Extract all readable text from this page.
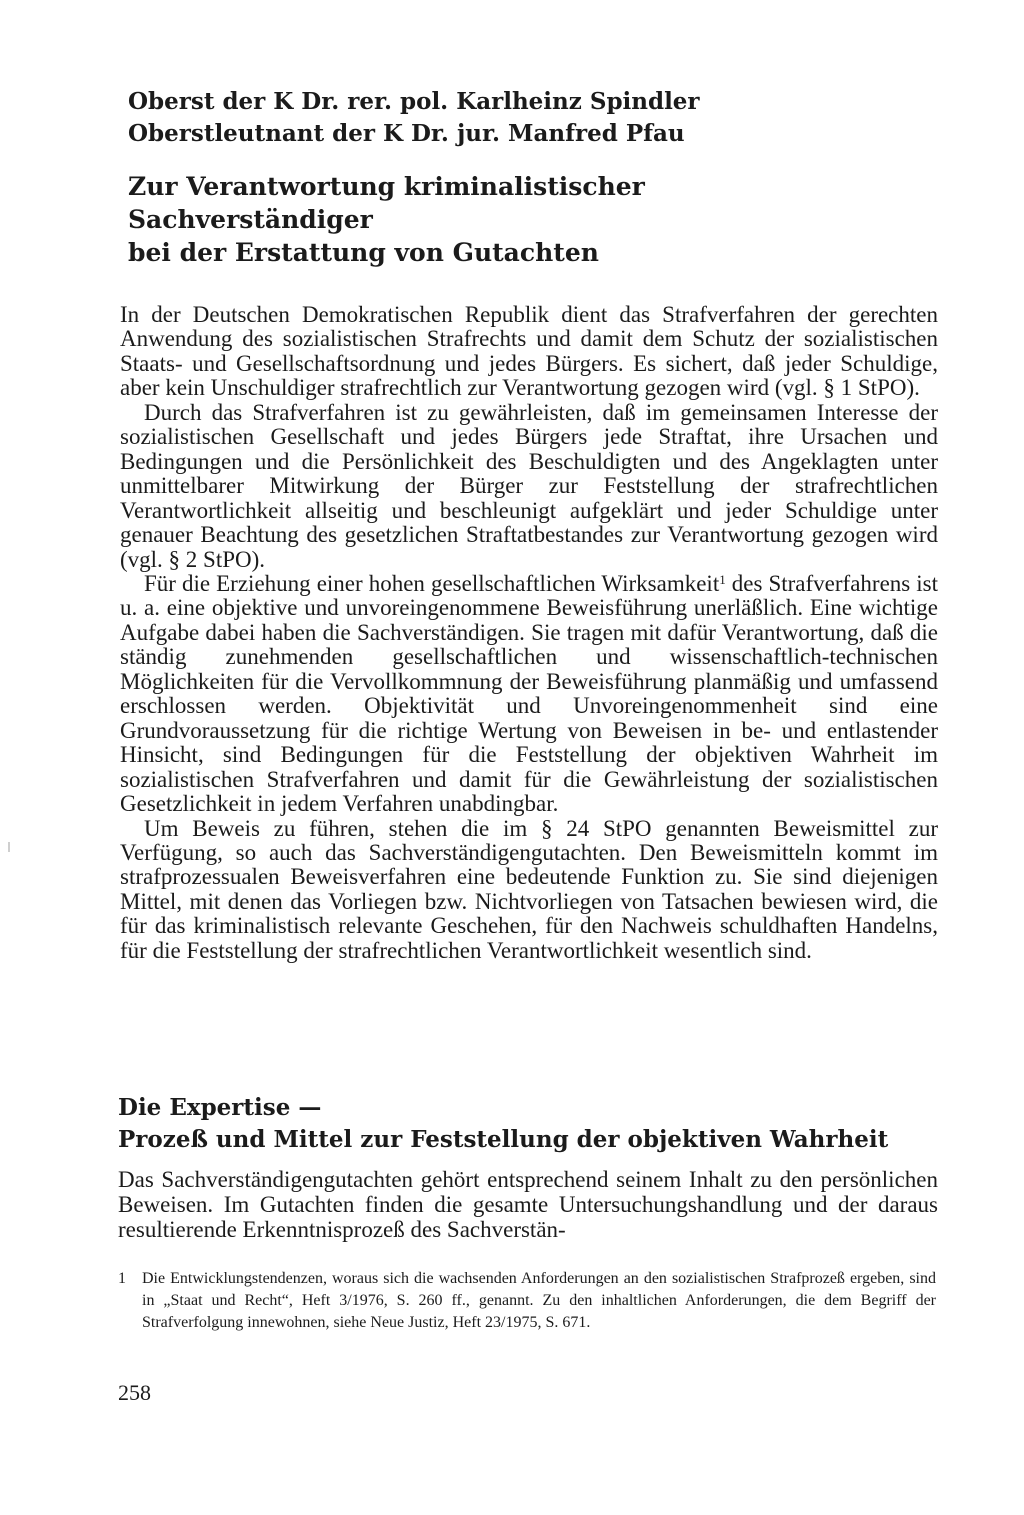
Oberst der K Dr. rer. pol. Karlheinz Spindler
Oberstleutnant der K Dr. jur. Manfred Pfau
Zur Verantwortung kriminalistischer
Sachverständiger
bei der Erstattung von Gutachten

In der Deutschen Demokratischen Republik dient das Strafverfahren der gerechten Anwendung des sozialistischen Strafrechts und damit dem Schutz der sozialistischen Staats- und Gesellschaftsordnung und jedes Bürgers. Es sichert, daß jeder Schuldige, aber kein Unschuldiger strafrechtlich zur Verantwortung gezogen wird (vgl. § 1 StPO).

Durch das Strafverfahren ist zu gewährleisten, daß im gemeinsamen Interesse der sozialistischen Gesellschaft und jedes Bürgers jede Straftat, ihre Ursachen und Bedingungen und die Persönlichkeit des Beschuldigten und des Angeklagten unter unmittelbarer Mitwirkung der Bürger zur Feststellung der strafrechtlichen Verantwortlichkeit allseitig und beschleunigt aufgeklärt und jeder Schuldige unter genauer Beachtung des gesetzlichen Straftatbestandes zur Verantwortung gezogen wird (vgl. § 2 StPO).

Für die Erziehung einer hohen gesellschaftlichen Wirksamkeit$^1$ des Strafverfahrens ist u. a. eine objektive und unvoreingenommene Beweisführung unerläßlich. Eine wichtige Aufgabe dabei haben die Sachverständigen. Sie tragen mit dafür Verantwortung, daß die ständig zunehmenden gesellschaftlichen und wissenschaftlich-technischen Möglichkeiten für die Vervollkommnung der Beweisführung planmäßig und umfassend erschlossen werden. Objektivität und Unvoreingenommenheit sind eine Grundvoraussetzung für die richtige Wertung von Beweisen in be- und entlastender Hinsicht, sind Bedingungen für die Feststellung der objektiven Wahrheit im sozialistischen Strafverfahren und damit für die Gewährleistung der sozialistischen Gesetzlichkeit in jedem Verfahren unabdingbar.

Um Beweis zu führen, stehen die im § 24 StPO genannten Beweismittel zur Verfügung, so auch das Sachverständigengutachten. Den Beweismitteln kommt im strafprozessualen Beweisverfahren eine bedeutende Funktion zu. Sie sind diejenigen Mittel, mit denen das Vorliegen bzw. Nichtvorliegen von Tatsachen bewiesen wird, die für das kriminalistisch relevante Geschehen, für den Nachweis schuldhaften Handelns, für die Feststellung der strafrechtlichen Verantwortlichkeit wesentlich sind.

Die Expertise —
Prozeß und Mittel zur Feststellung der objektiven Wahrheit

Das Sachverständigengutachten gehört entsprechend seinem Inhalt zu den persönlichen Beweisen. Im Gutachten finden die gesamte Untersuchungshandlung und der daraus resultierende Erkenntnisprozeß des Sachverstän-

1 Die Entwicklungstendenzen, woraus sich die wachsenden Anforderungen an den sozialistischen Strafprozeß ergeben, sind in „Staat und Recht“, Heft 3/1976, S. 260 ff., genannt. Zu den inhaltlichen Anforderungen, die dem Begriff der Strafverfolgung innewohnen, siehe Neue Justiz, Heft 23/1975, S. 671.
258
